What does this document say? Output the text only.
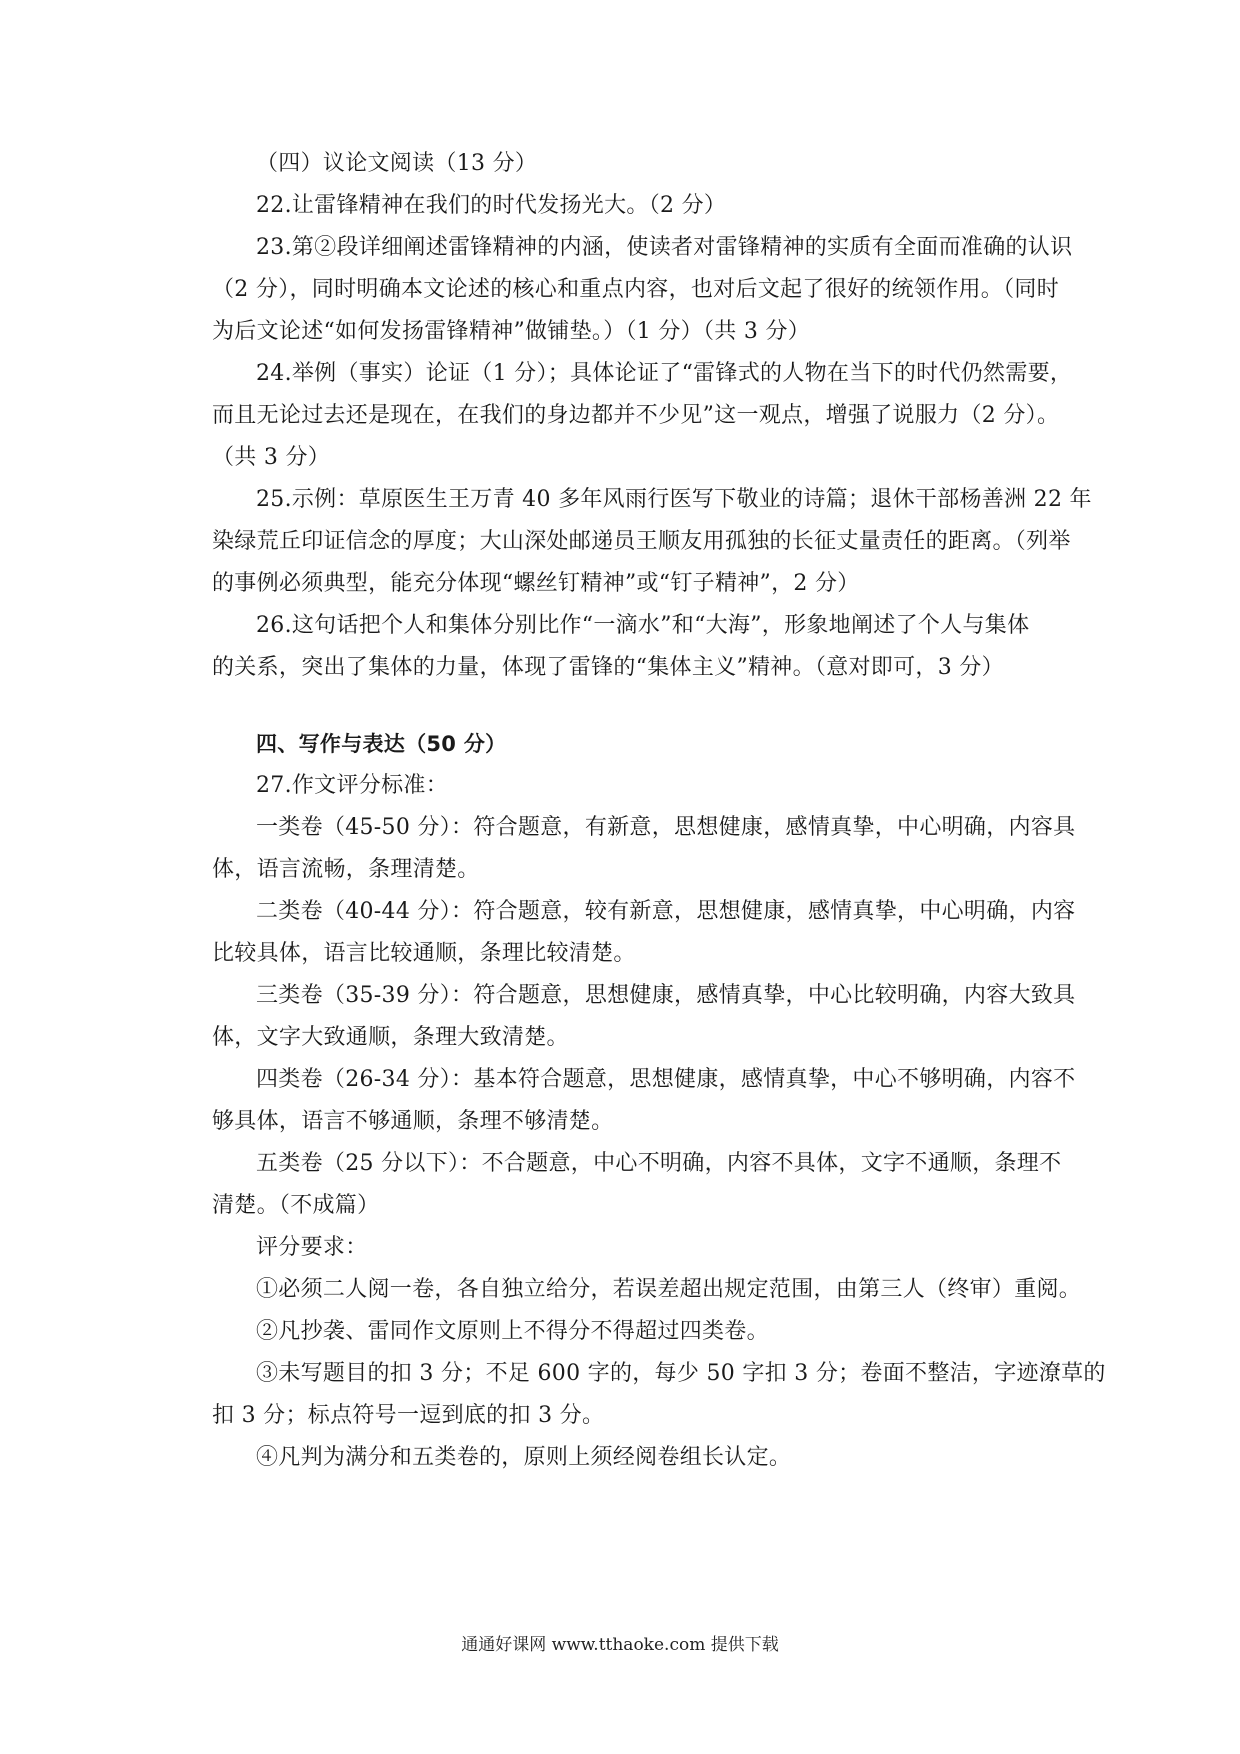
（四）议论文阅读（13 分）
22.让雷锋精神在我们的时代发扬光大。（2 分）
23.第②段详细阐述雷锋精神的内涵，使读者对雷锋精神的实质有全面而准确的认识
（2 分），同时明确本文论述的核心和重点内容，也对后文起了很好的统领作用。（同时
为后文论述“如何发扬雷锋精神”做铺垫。）（1 分）（共 3 分）
24.举例（事实）论证（1 分）；具体论证了“雷锋式的人物在当下的时代仍然需要，
而且无论过去还是现在，在我们的身边都并不少见”这一观点，增强了说服力（2 分）。
（共 3 分）
25.示例：草原医生王万青 40 多年风雨行医写下敬业的诗篇；退休干部杨善洲 22 年
染绿荒丘印证信念的厚度；大山深处邮递员王顺友用孤独的长征丈量责任的距离。（列举
的事例必须典型，能充分体现“螺丝钉精神”或“钉子精神”，2 分）
26.这句话把个人和集体分别比作“一滴水”和“大海”，形象地阐述了个人与集体
的关系，突出了集体的力量，体现了雷锋的“集体主义”精神。（意对即可，3 分）
四、写作与表达（50 分）
27.作文评分标准：
一类卷（45-50 分）：符合题意，有新意，思想健康，感情真挚，中心明确，内容具
体，语言流畅，条理清楚。
二类卷（40-44 分）：符合题意，较有新意，思想健康，感情真挚，中心明确，内容
比较具体，语言比较通顺，条理比较清楚。
三类卷（35-39 分）：符合题意，思想健康，感情真挚，中心比较明确，内容大致具
体，文字大致通顺，条理大致清楚。
四类卷（26-34 分）：基本符合题意，思想健康，感情真挚，中心不够明确，内容不
够具体，语言不够通顺，条理不够清楚。
五类卷（25 分以下）：不合题意，中心不明确，内容不具体，文字不通顺，条理不
清楚。（不成篇）
评分要求：
①必须二人阅一卷，各自独立给分，若误差超出规定范围，由第三人（终审）重阅。
②凡抄袭、雷同作文原则上不得分不得超过四类卷。
③未写题目的扣 3 分；不足 600 字的，每少 50 字扣 3 分；卷面不整洁，字迹潦草的
扣 3 分；标点符号一逗到底的扣 3 分。
④凡判为满分和五类卷的，原则上须经阅卷组长认定。
通通好课网 www.tthaoke.com 提供下载
